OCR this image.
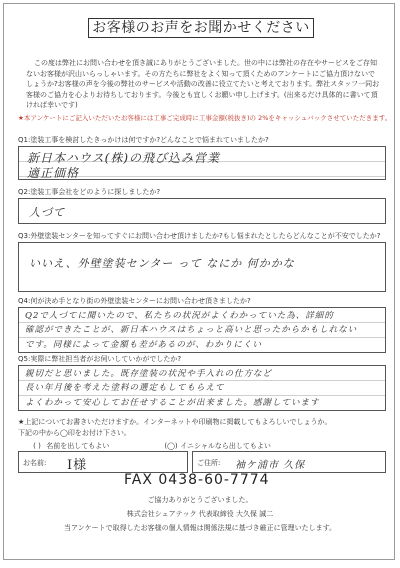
お客様のお声をお聞かせください
この度は弊社にお問い合わせを頂き誠にありがとうございました。世の中には弊社の存在やサービスをご存知ないお客様が沢山いらっしゃいます。その方たちに弊社をよく知って頂くためのアンケートにご協力頂けないでしょうか?お客様の声を今後の弊社のサービスや活動の改善に役立てたいと考えております。弊社スタッフ一同お客様のご協力を心よりお待ちしております。今後とも宜しくお願い申し上げます。(出来るだけ具体的に書いて頂ければ幸いです)
★本アンケートにご記入いただいたお客様には工事ご完成時に工事金額(税抜き)の 2%をキャッシュバックさせていただきます。
Q1:塗装工事を検討したきっかけは何ですか?どんなことで悩まれていましたか?
新日本ハウス(株)の飛び込み営業
適正価格
Q2:塗装工事会社をどのように探しましたか?
人づて
Q3:外壁塗装センターを知ってすぐにお問い合わせ頂けましたか?もし悩まれたとしたらどんなことが不安でしたか?
いいえ、外壁塗装センター って なにか 何かかな
Q4:何が決め手となり街の外壁塗装センターにお問い合わせ頂きましたか?
Q2で人づてに聞いたので、私たちの状況がよくわかっていた為、詳細的
確認ができたことが、新日本ハウスはちょっと高いと思ったからかもしれない
です。同様によって金額も差があるのが、わかりにくい
Q5:実際に弊社担当者がお伺いしていかがでしたか?
親切だと思いました。既存塗装の状況や手入れの仕方など
長い年月後を考えた塗料の選定もしてもらえて
よくわかって安心してお任せすることが出来ました。感謝しています
★上記についてお書きいただけますか。インターネットや印刷物に掲載してもよろしいでしょうか。
下記の中から◯印をお付け下さい。
( ) 名前を出してもよい	(◯) イニシャルなら出してもよい
お名前: I様	ご住所: 袖ケ浦市 久保
FAX 0438-60-7774
ご協力ありがとうございました。
株式会社シェアテック 代表取締役 大久保 誠二
当アンケートで取得したお客様の個人情報は関係法規に基づき厳正に管理いたします。
